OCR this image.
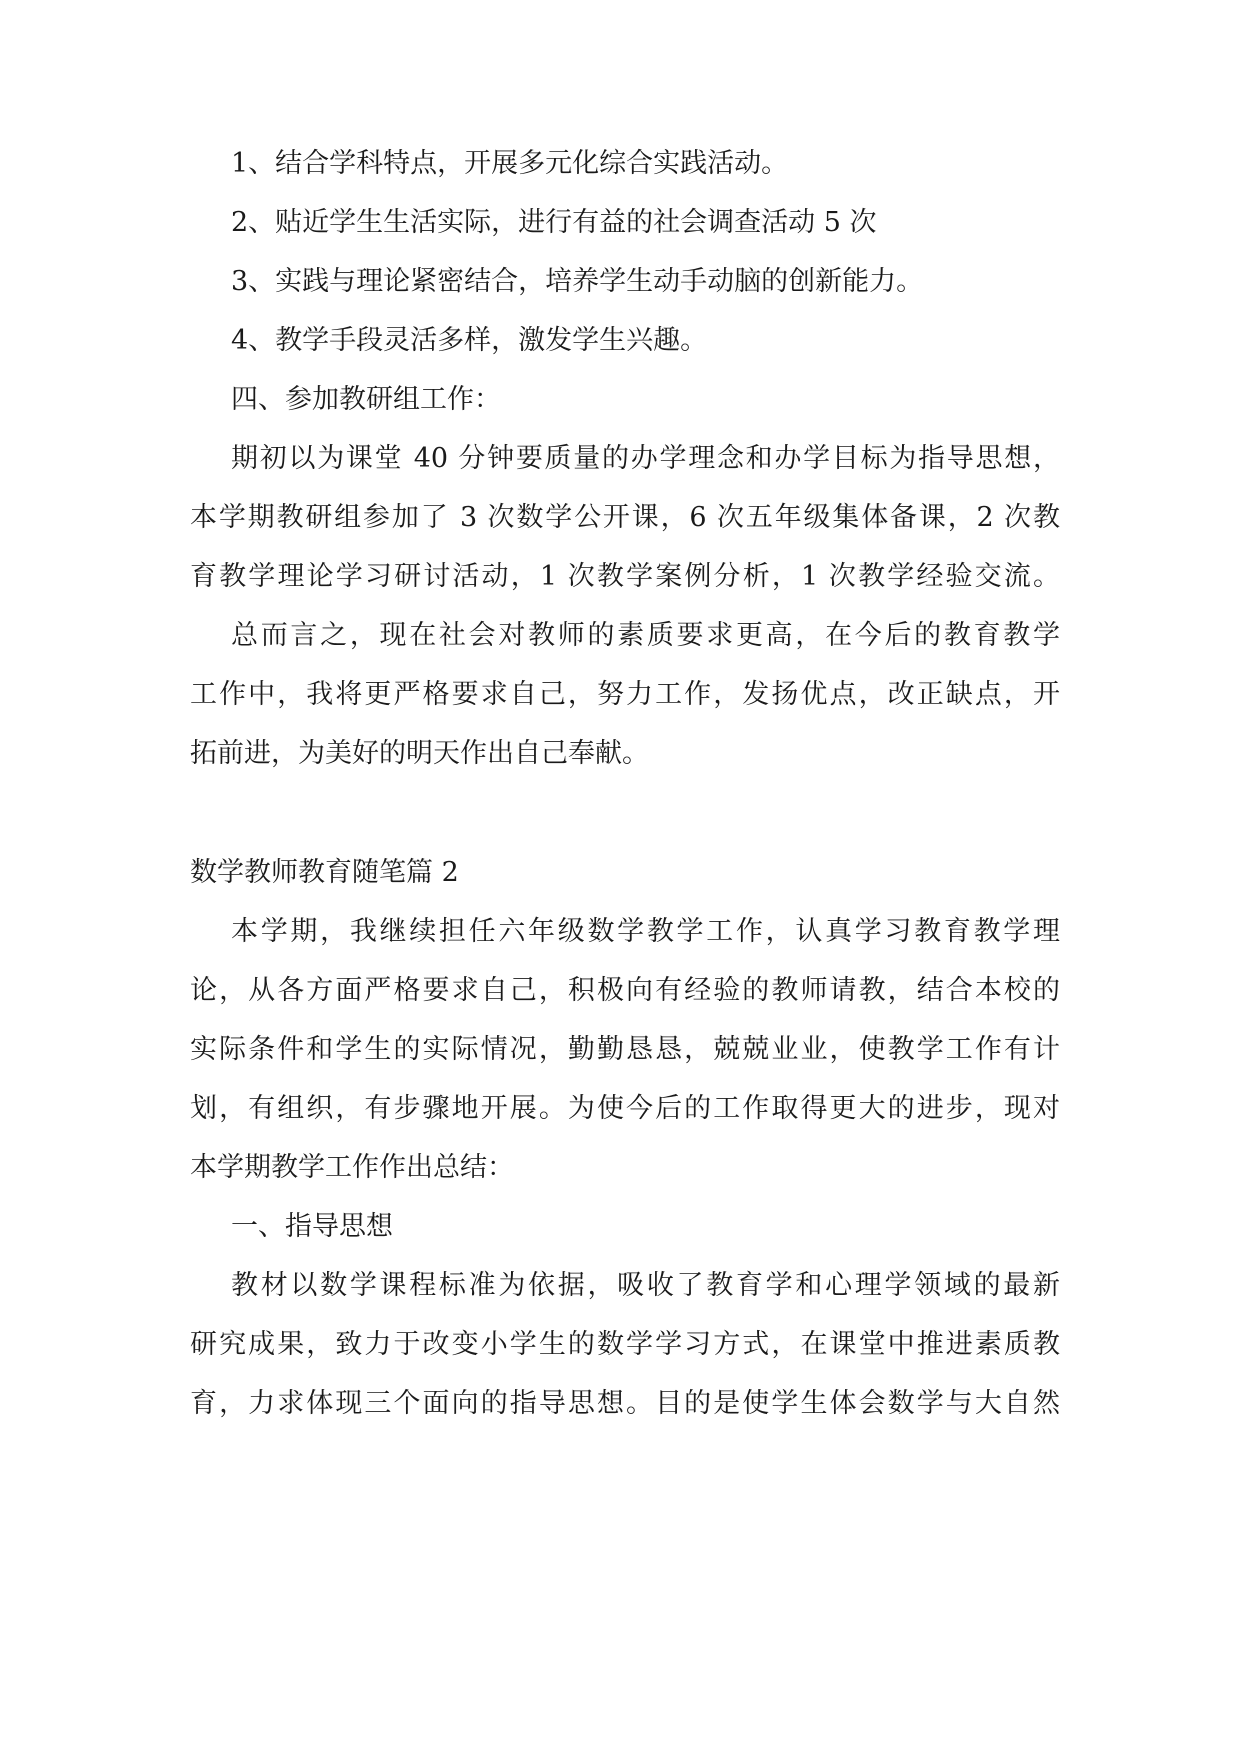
1、结合学科特点，开展多元化综合实践活动。
2、贴近学生生活实际，进行有益的社会调查活动 5 次
3、实践与理论紧密结合，培养学生动手动脑的创新能力。
4、教学手段灵活多样，激发学生兴趣。
四、参加教研组工作：
期初以为课堂 40 分钟要质量的办学理念和办学目标为指导思想，
本学期教研组参加了 3 次数学公开课，6 次五年级集体备课，2 次教
育教学理论学习研讨活动，1 次教学案例分析，1 次教学经验交流。
总而言之，现在社会对教师的素质要求更高，在今后的教育教学
工作中，我将更严格要求自己，努力工作，发扬优点，改正缺点，开
拓前进，为美好的明天作出自己奉献。
数学教师教育随笔篇 2
本学期，我继续担任六年级数学教学工作，认真学习教育教学理
论，从各方面严格要求自己，积极向有经验的教师请教，结合本校的
实际条件和学生的实际情况，勤勤恳恳，兢兢业业，使教学工作有计
划，有组织，有步骤地开展。为使今后的工作取得更大的进步，现对
本学期教学工作作出总结：
一、指导思想
教材以数学课程标准为依据，吸收了教育学和心理学领域的最新
研究成果，致力于改变小学生的数学学习方式，在课堂中推进素质教
育，力求体现三个面向的指导思想。目的是使学生体会数学与大自然
